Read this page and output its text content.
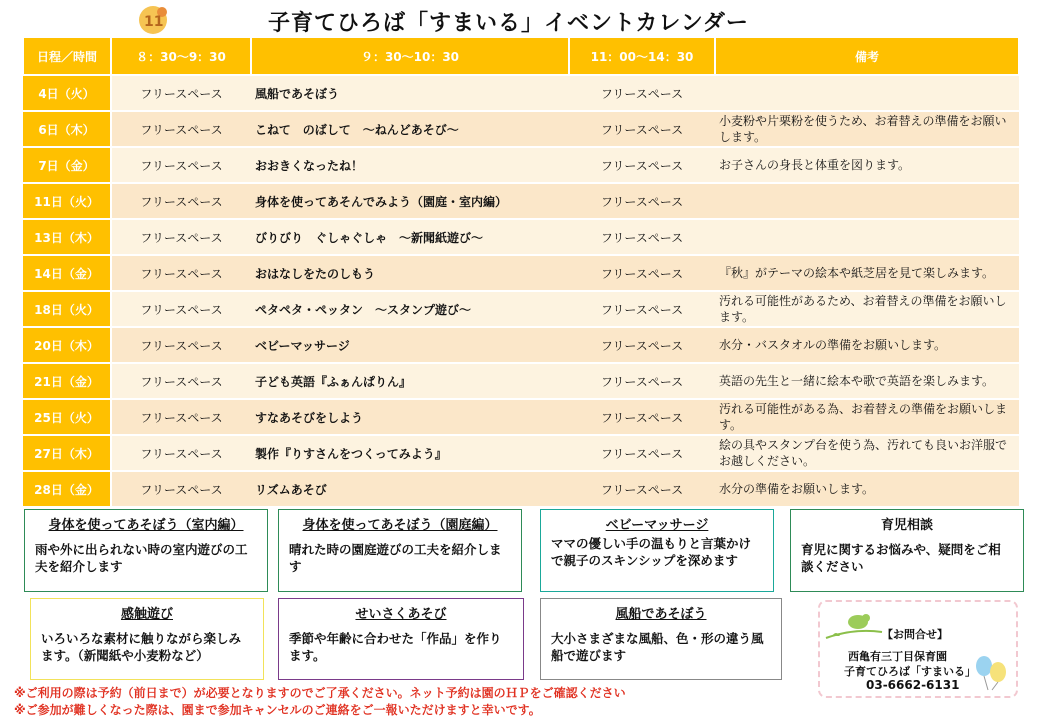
11	子育てひろば「すまいる」イベントカレンダー
日程／時間	８：30〜9：30	９：30〜10：30	11：00〜14：30	備考
4日（火）	フリースペース	風船であそぼう	フリースペース	
6日（木）	フリースペース	こねて　のばして　〜ねんどあそび〜	フリースペース	小麦粉や片栗粉を使うため、お着替えの準備をお願いします。
7日（金）	フリースペース	おおきくなったね！	フリースペース	お子さんの身長と体重を図ります。
11日（火）	フリースペース	身体を使ってあそんでみよう（園庭・室内編）	フリースペース	
13日（木）	フリースペース	びりびり　ぐしゃぐしゃ　〜新聞紙遊び〜	フリースペース	
14日（金）	フリースペース	おはなしをたのしもう	フリースペース	『秋』がテーマの絵本や紙芝居を見て楽しみます。
18日（火）	フリースペース	ペタペタ・ペッタン　〜スタンプ遊び〜	フリースペース	汚れる可能性があるため、お着替えの準備をお願いします。
20日（木）	フリースペース	ベビーマッサージ	フリースペース	水分・バスタオルの準備をお願いします。
21日（金）	フリースペース	子ども英語『ふぁんぱりん』	フリースペース	英語の先生と一緒に絵本や歌で英語を楽しみます。
25日（火）	フリースペース	すなあそびをしよう	フリースペース	汚れる可能性がある為、お着替えの準備をお願いします。
27日（木）	フリースペース	製作『りすさんをつくってみよう』	フリースペース	絵の具やスタンプ台を使う為、汚れても良いお洋服でお越しください。
28日（金）	フリースペース	リズムあそび	フリースペース	水分の準備をお願いします。
身体を使ってあそぼう（室内編）
雨や外に出られない時の室内遊びの工夫を紹介します
身体を使ってあそぼう（園庭編）
晴れた時の園庭遊びの工夫を紹介します
ベビーマッサージ
ママの優しい手の温もりと言葉かけで親子のスキンシップを深めます
育児相談
育児に関するお悩みや、疑問をご相談ください
感触遊び
いろいろな素材に触りながら楽しみます。（新聞紙や小麦粉など）
せいさくあそび
季節や年齢に合わせた「作品」を作ります。
風船であそぼう
大小さまざまな風船、色・形の違う風船で遊びます
【お問合せ】
西亀有三丁目保育園
子育てひろば「すまいる」
03-6662-6131
※ご利用の際は予約（前日まで）が必要となりますのでご了承ください。ネット予約は園のＨＰをご確認ください
※ご参加が難しくなった際は、園まで参加キャンセルのご連絡をご一報いただけますと幸いです。
